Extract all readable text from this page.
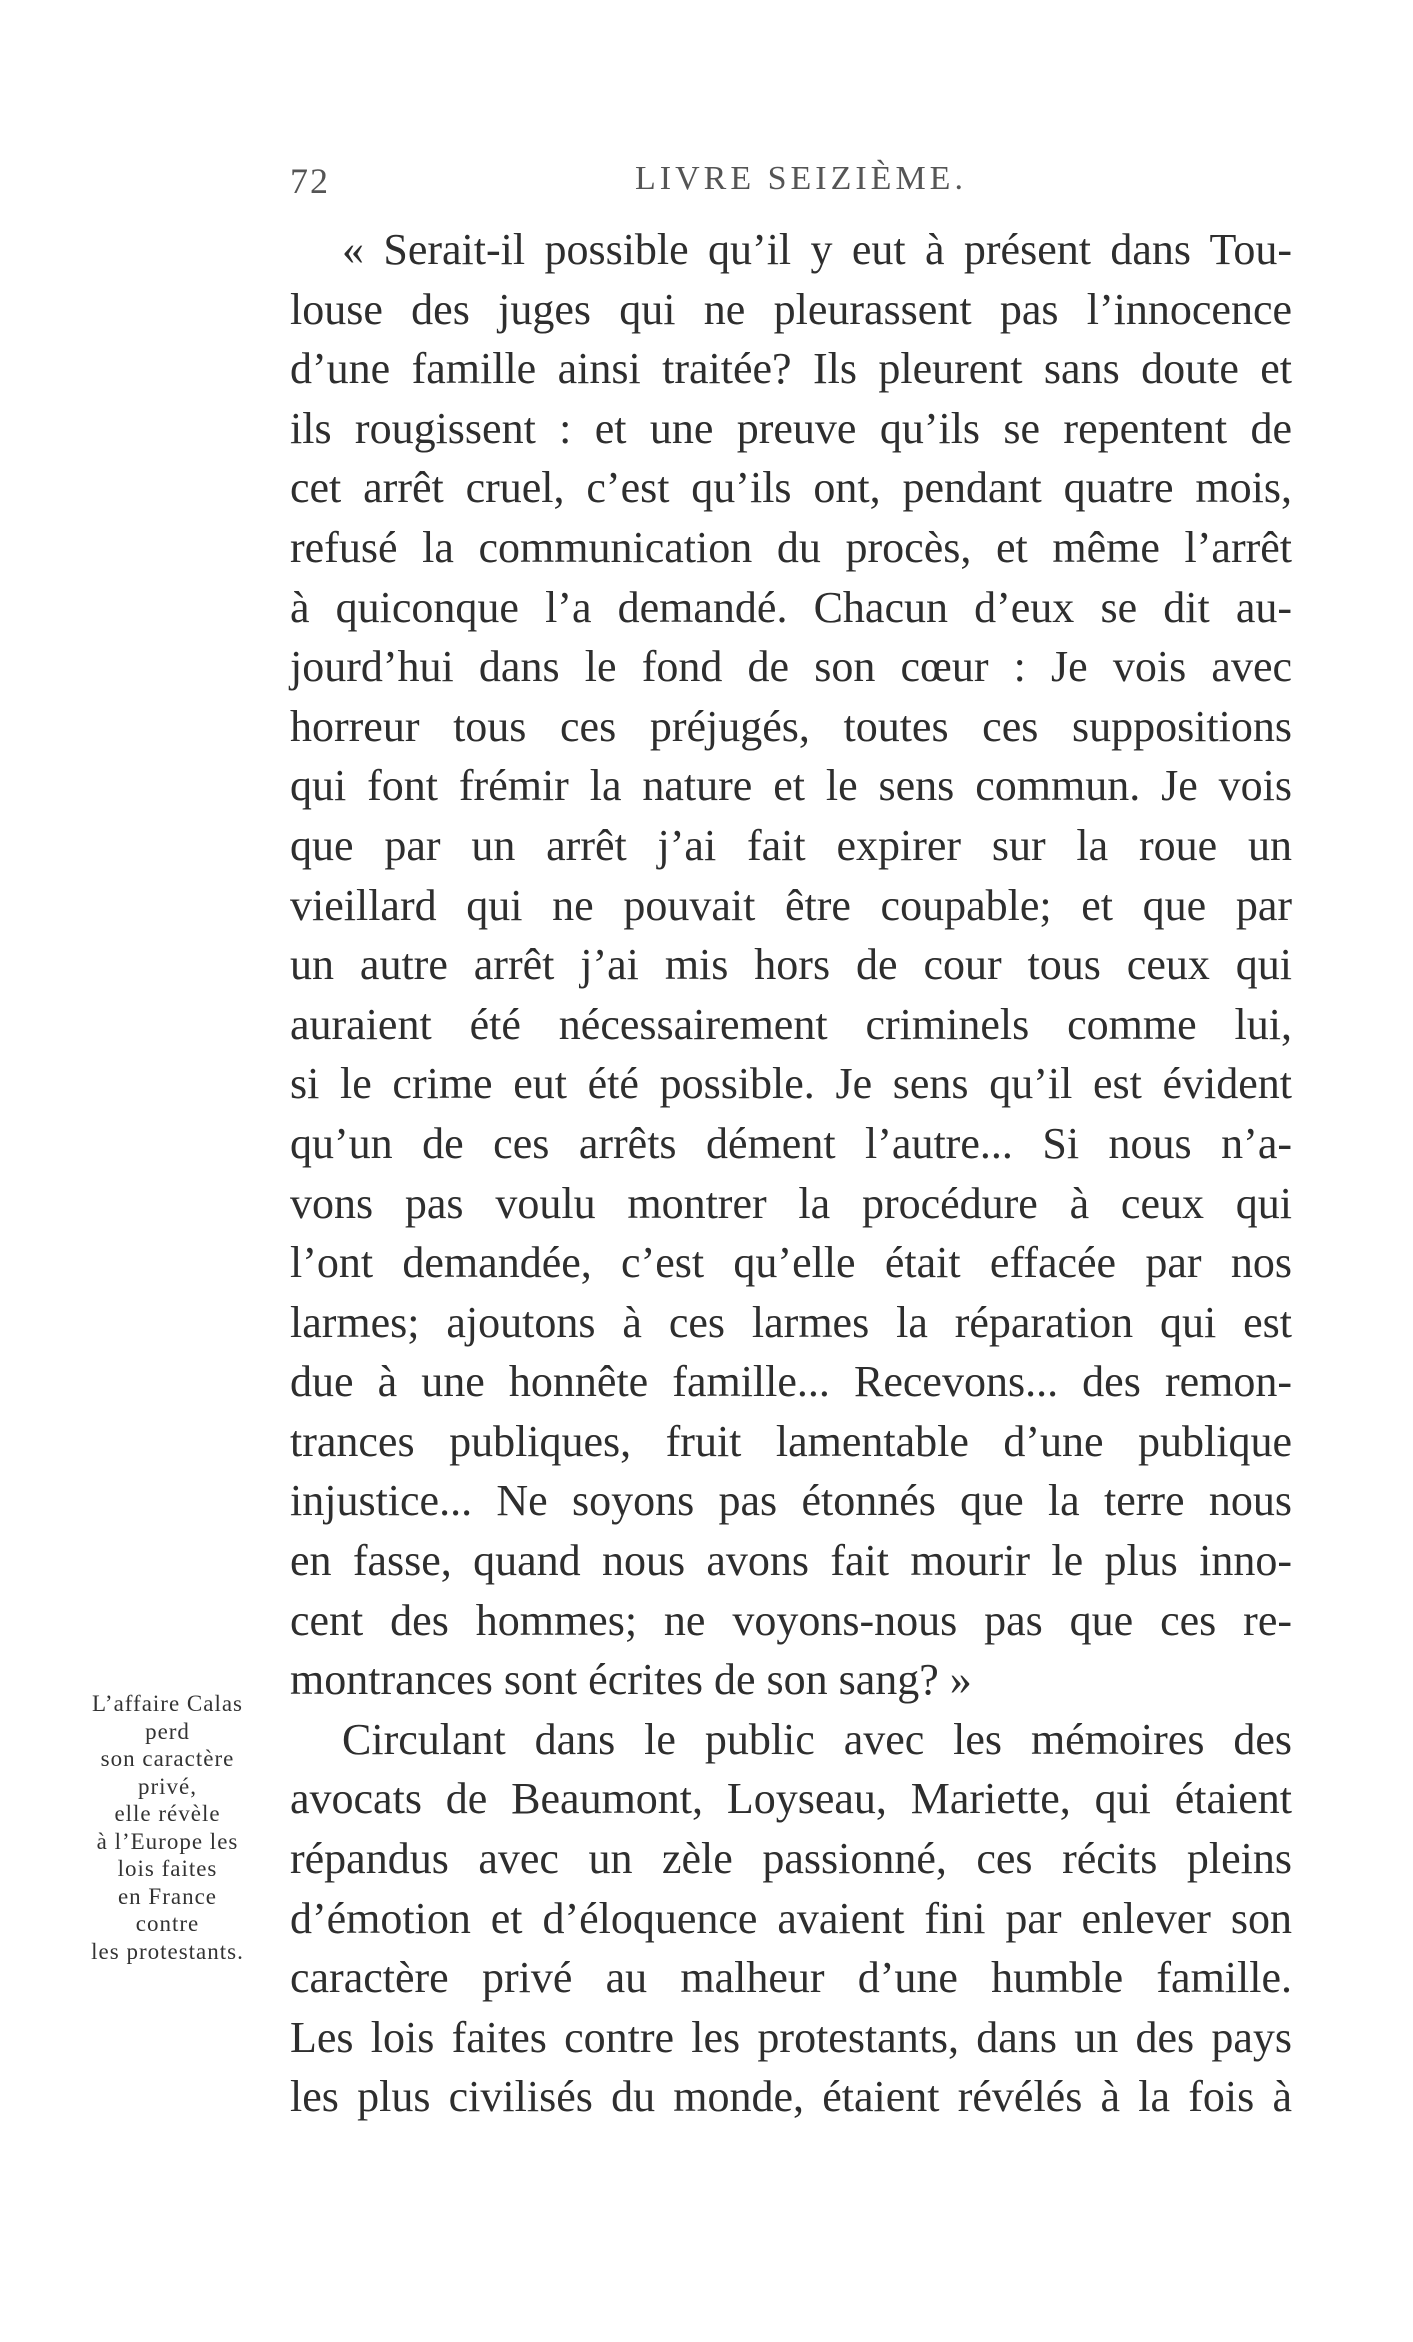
72	LIVRE SEIZIÈME.
« Serait-il possible qu’il y eut à présent dans Tou-
louse des juges qui ne pleurassent pas l’innocence
d’une famille ainsi traitée? Ils pleurent sans doute et
ils rougissent : et une preuve qu’ils se repentent de
cet arrêt cruel, c’est qu’ils ont, pendant quatre mois,
refusé la communication du procès, et même l’arrêt
à quiconque l’a demandé. Chacun d’eux se dit au-
jourd’hui dans le fond de son cœur : Je vois avec
horreur tous ces préjugés, toutes ces suppositions
qui font frémir la nature et le sens commun. Je vois
que par un arrêt j’ai fait expirer sur la roue un
vieillard qui ne pouvait être coupable; et que par
un autre arrêt j’ai mis hors de cour tous ceux qui
auraient été nécessairement criminels comme lui,
si le crime eut été possible. Je sens qu’il est évident
qu’un de ces arrêts dément l’autre... Si nous n’a-
vons pas voulu montrer la procédure à ceux qui
l’ont demandée, c’est qu’elle était effacée par nos
larmes; ajoutons à ces larmes la réparation qui est
due à une honnête famille... Recevons... des remon-
trances publiques, fruit lamentable d’une publique
injustice... Ne soyons pas étonnés que la terre nous
en fasse, quand nous avons fait mourir le plus inno-
cent des hommes; ne voyons-nous pas que ces re-
montrances sont écrites de son sang? »
Circulant dans le public avec les mémoires des
avocats de Beaumont, Loyseau, Mariette, qui étaient
répandus avec un zèle passionné, ces récits pleins
d’émotion et d’éloquence avaient fini par enlever son
caractère privé au malheur d’une humble famille.
Les lois faites contre les protestants, dans un des pays
les plus civilisés du monde, étaient révélés à la fois à
L’affaire Calas
perd
son caractère
privé,
elle révèle
à l’Europe les
lois faites
en France
contre
les protestants.
